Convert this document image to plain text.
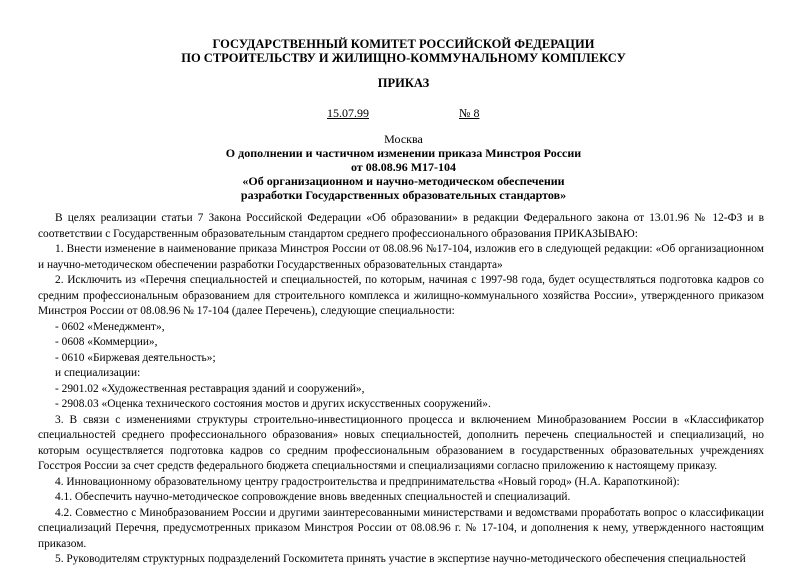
ГОСУДАРСТВЕННЫЙ КОМИТЕТ РОССИЙСКОЙ ФЕДЕРАЦИИ
ПО СТРОИТЕЛЬСТВУ И ЖИЛИЩНО-КОММУНАЛЬНОМУ КОМПЛЕКСУ
ПРИКАЗ
15.07.99	№ 8
Москва
О дополнении и частичном изменении приказа Минстроя России
от 08.08.96 М17-104
«Об организационном и научно-методическом обеспечении
разработки Государственных образовательных стандартов»

В целях реализации статьи 7 Закона Российской Федерации «Об образовании» в редакции Федерального закона от 13.01.96 № 12-ФЗ и в соответствии с Государственным образовательным стандартом среднего профессионального образования ПРИКАЗЫВАЮ:

1. Внести изменение в наименование приказа Минстроя России от 08.08.96 №17-104, изложив его в следующей редакции: «Об организационном и научно-методическом обеспечении разработки Государственных образовательных стандарта»

2. Исключить из «Перечня специальностей и специальностей, по которым, начиная с 1997-98 года, будет осуществляться подготовка кадров со средним профессиональным образованием для строительного комплекса и жилищно-коммунального хозяйства России», утвержденного приказом Минстроя России от 08.08.96 № 17-104 (далее Перечень), следующие специальности:

- 0602 «Менеджмент»,

- 0608 «Коммерции»,

- 0610 «Биржевая деятельность»;

и специализации:

- 2901.02 «Художественная реставрация зданий и сооружений»,

- 2908.03 «Оценка технического состояния мостов и других искусственных сооружений».

3. В связи с изменениями структуры строительно-инвестиционного процесса и включением Минобразованием России в «Классификатор специальностей среднего профессионального образования» новых специальностей, дополнить перечень специальностей и специализаций, но которым осуществляется подготовка кадров со средним профессиональным образованием в государственных образовательных учреждениях Госстроя России за счет средств федерального бюджета специальностями и специализациями согласно приложению к настоящему приказу.

4. Инновационному образовательному центру градостроительства и предпринимательства «Новый город» (Н.А. Карапоткиной):

4.1. Обеспечить научно-методическое сопровождение вновь введенных специальностей и специализаций.

4.2. Совместно с Минобразованием России и другими заинтересованными министерствами и ведомствами проработать вопрос о классификации специализаций Перечня, предусмотренных приказом Минстроя России от 08.08.96 г. № 17-104, и дополнения к нему, утвержденного настоящим приказом.

5. Руководителям структурных подразделений Госкомитета принять участие в экспертизе научно-методического обеспечения специальностей
